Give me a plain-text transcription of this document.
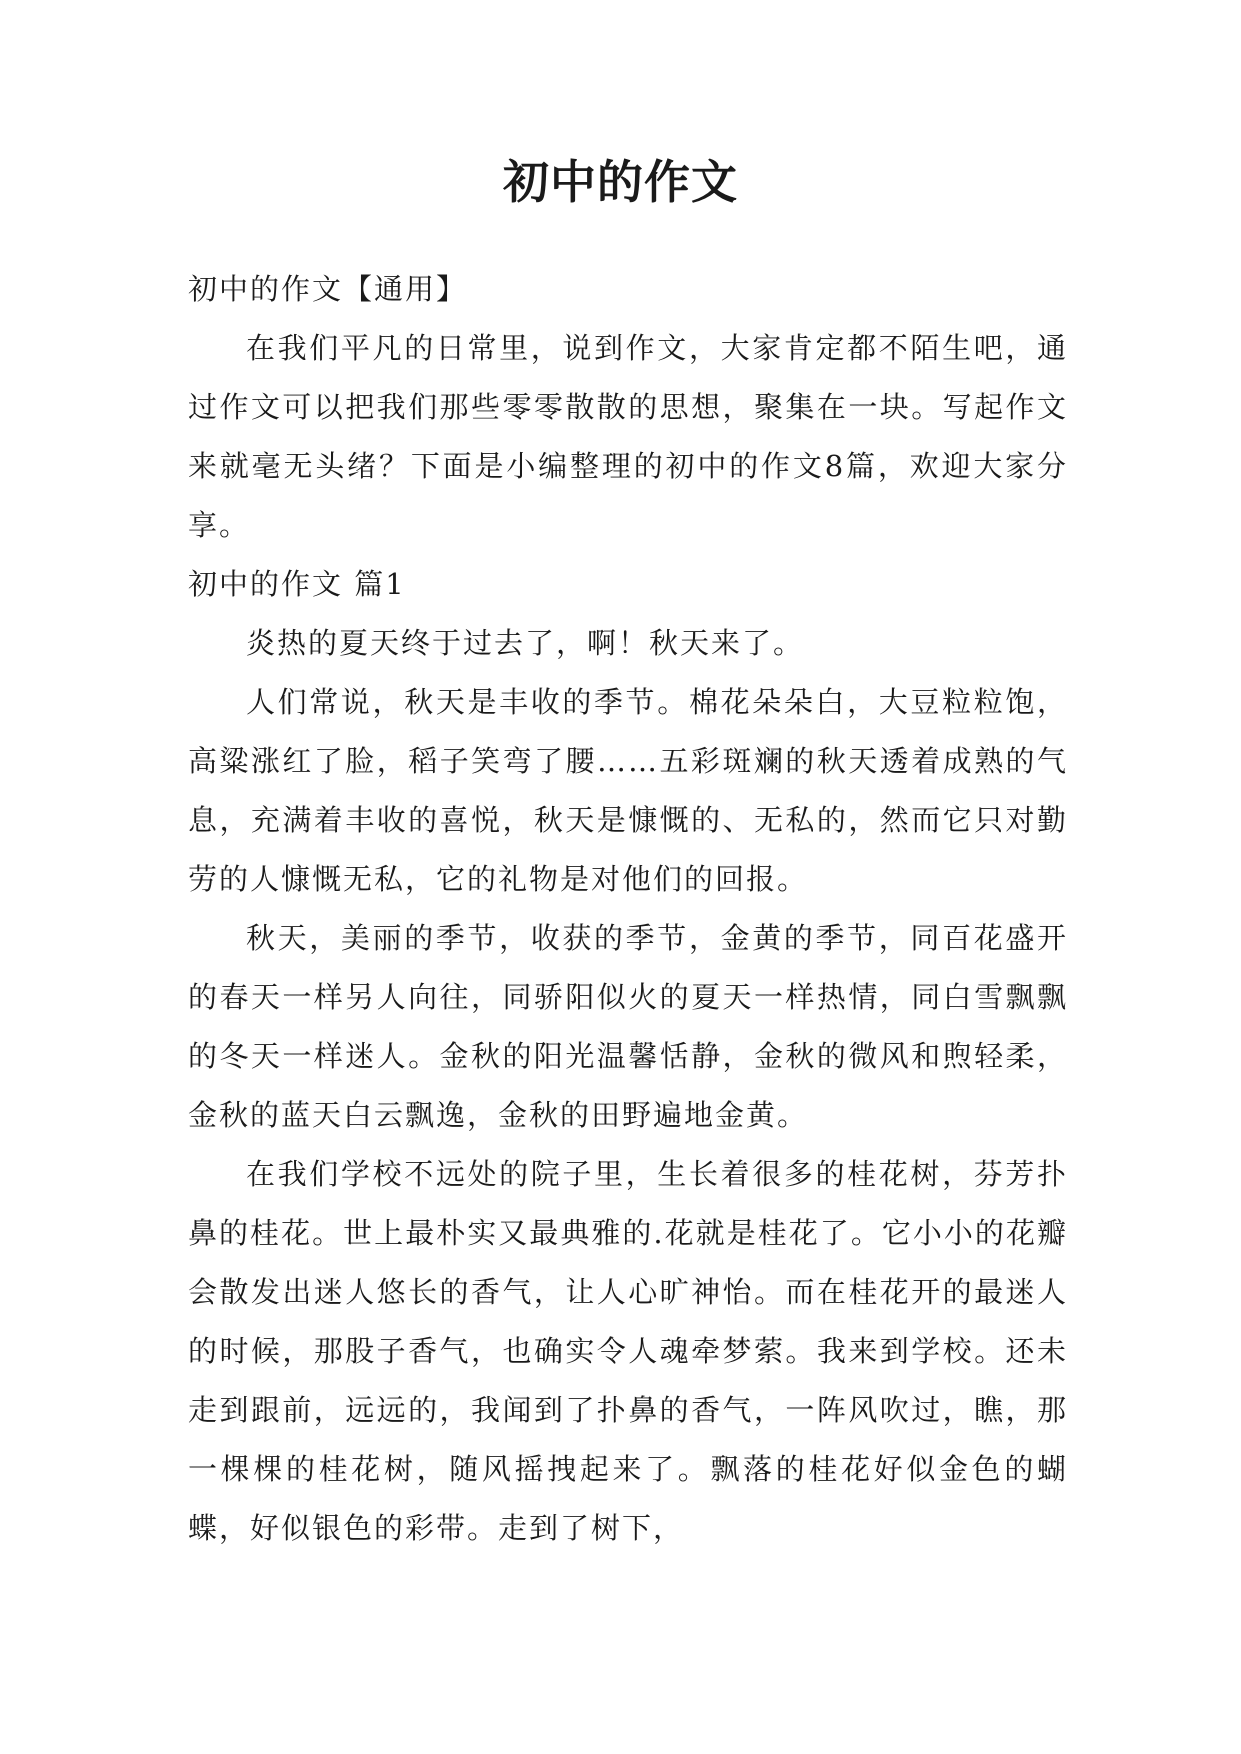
初中的作文

初中的作文【通用】

在我们平凡的日常里，说到作文，大家肯定都不陌生吧，通过作文可以把我们那些零零散散的思想，聚集在一块。写起作文来就毫无头绪？下面是小编整理的初中的作文8篇，欢迎大家分享。

初中的作文 篇1

炎热的夏天终于过去了，啊！秋天来了。

人们常说，秋天是丰收的季节。棉花朵朵白，大豆粒粒饱，高粱涨红了脸，稻子笑弯了腰……五彩斑斓的秋天透着成熟的气息，充满着丰收的喜悦，秋天是慷慨的、无私的，然而它只对勤劳的人慷慨无私，它的礼物是对他们的回报。

秋天，美丽的季节，收获的季节，金黄的季节，同百花盛开的春天一样另人向往，同骄阳似火的夏天一样热情，同白雪飘飘的冬天一样迷人。金秋的阳光温馨恬静，金秋的微风和煦轻柔，金秋的蓝天白云飘逸，金秋的田野遍地金黄。

在我们学校不远处的院子里，生长着很多的桂花树，芬芳扑鼻的桂花。世上最朴实又最典雅的.花就是桂花了。它小小的花瓣会散发出迷人悠长的香气，让人心旷神怡。而在桂花开的最迷人的时候，那股子香气，也确实令人魂牵梦萦。我来到学校。还未走到跟前，远远的，我闻到了扑鼻的香气，一阵风吹过，瞧，那一棵棵的桂花树，随风摇拽起来了。飘落的桂花好似金色的蝴蝶，好似银色的彩带。走到了树下，
